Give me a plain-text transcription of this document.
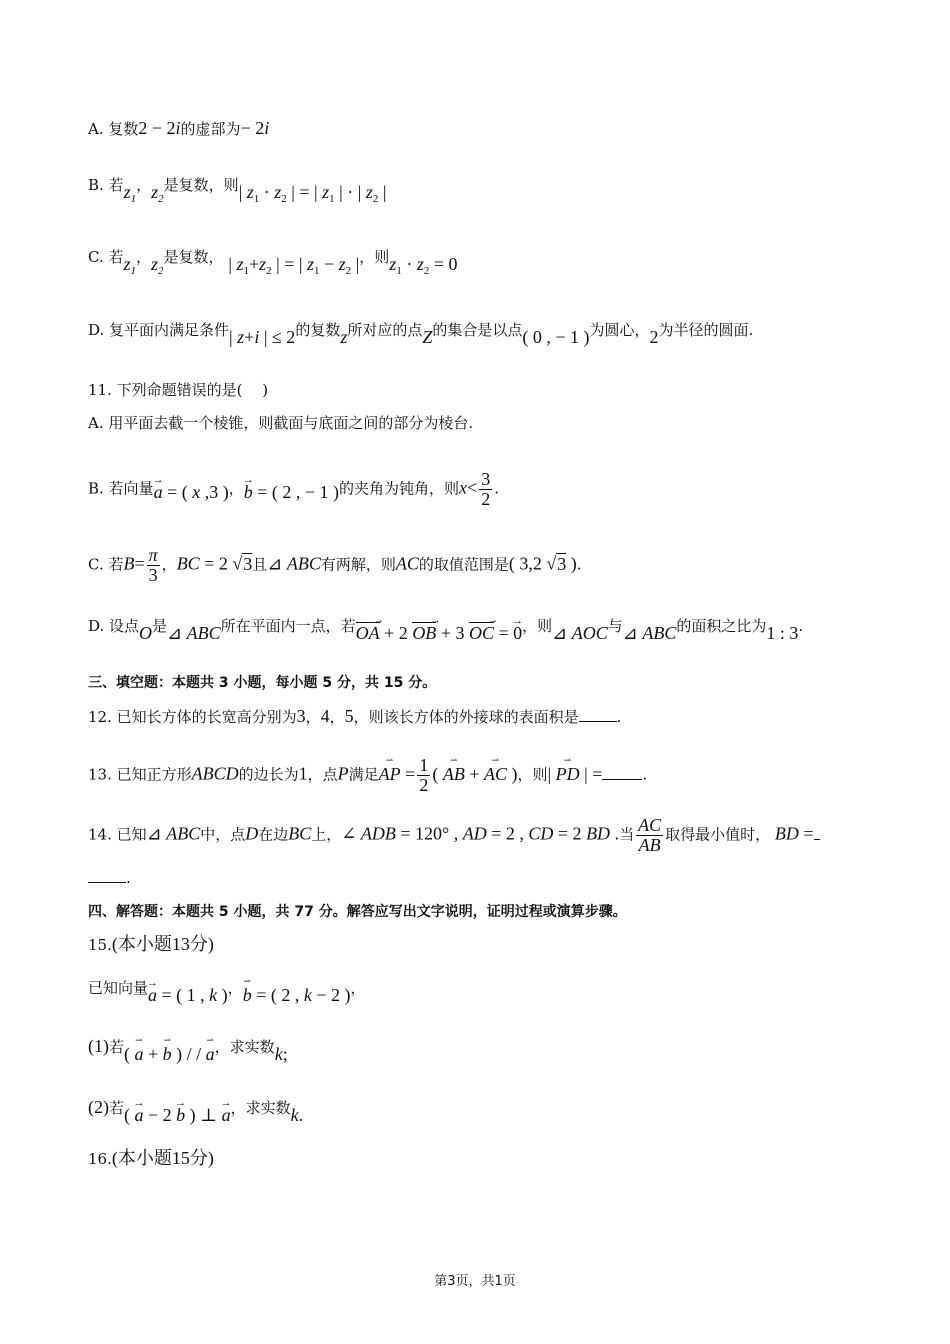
A. 复数2 − 2i的虚部为− 2i
B. 若$z_1$，$z_2$是复数，则| $z_1 \cdot z_2$ | = | $z_1$ | · | $z_2$ |
C. 若$z_1$，$z_2$是复数， | $z_1+z_2$ | = | $z_1 - z_2$ |，则$z_1 \cdot z_2 = 0$
D. 复平面内满足条件| z+i | ≤ 2的复数z所对应的点Z的集合是以点( 0 , − 1 )为圆心，2为半径的圆面.
11. 下列命题错误的是(　 )
A. 用平面去截一个棱锥，则截面与底面之间的部分为棱台.
B. 若向量→ a = ( x ,3 )，→ b = ( 2 , − 1 )的夹角为钝角，则$x< \frac{3}{2}$ .
C. 若$B= \frac{\pi}{3}$ ，BC = 2 √3且⊿ ABC有两解，则AC的取值范围是( 3,2 √3 ).
D. 设点O是⊿ ABC所在平面内一点，若OA → + 2 OB → + 3 OC → = → 0，则⊿ AOC与⊿ ABC的面积之比为1 : 3.
三、填空题：本题共 3 小题，每小题 5 分，共 15 分。
12. 已知长方体的长宽高分别为3，4，5，则该长方体的外接球的表面积是	.
13. 已知正方形ABCD的边长为1，点P满足⇀ AP = $\frac{1}{2}$ ( ⇀ AB + ⇀ AC )，则| ⇀ PD | =	.
14. 已知⊿ ABC中，点D在边BC上，∠ ADB = 120° , AD = 2 , CD = 2 BD .当 $\frac{AC}{AB}$ 取得最小值时， BD =
.
四、解答题：本题共 5 小题，共 77 分。解答应写出文字说明，证明过程或演算步骤。
15.(本小题13分)
已知向量→ a = ( 1 , k )，⇀ b = ( 2 , k − 2 )，
(1)若( ⇀ a + ⇀ b ) / / ⇀ a，求实数k;
(2)若( → a − 2 → b ) ⊥ → a，求实数k.
16.(本小题15分)
第3页，共1页
